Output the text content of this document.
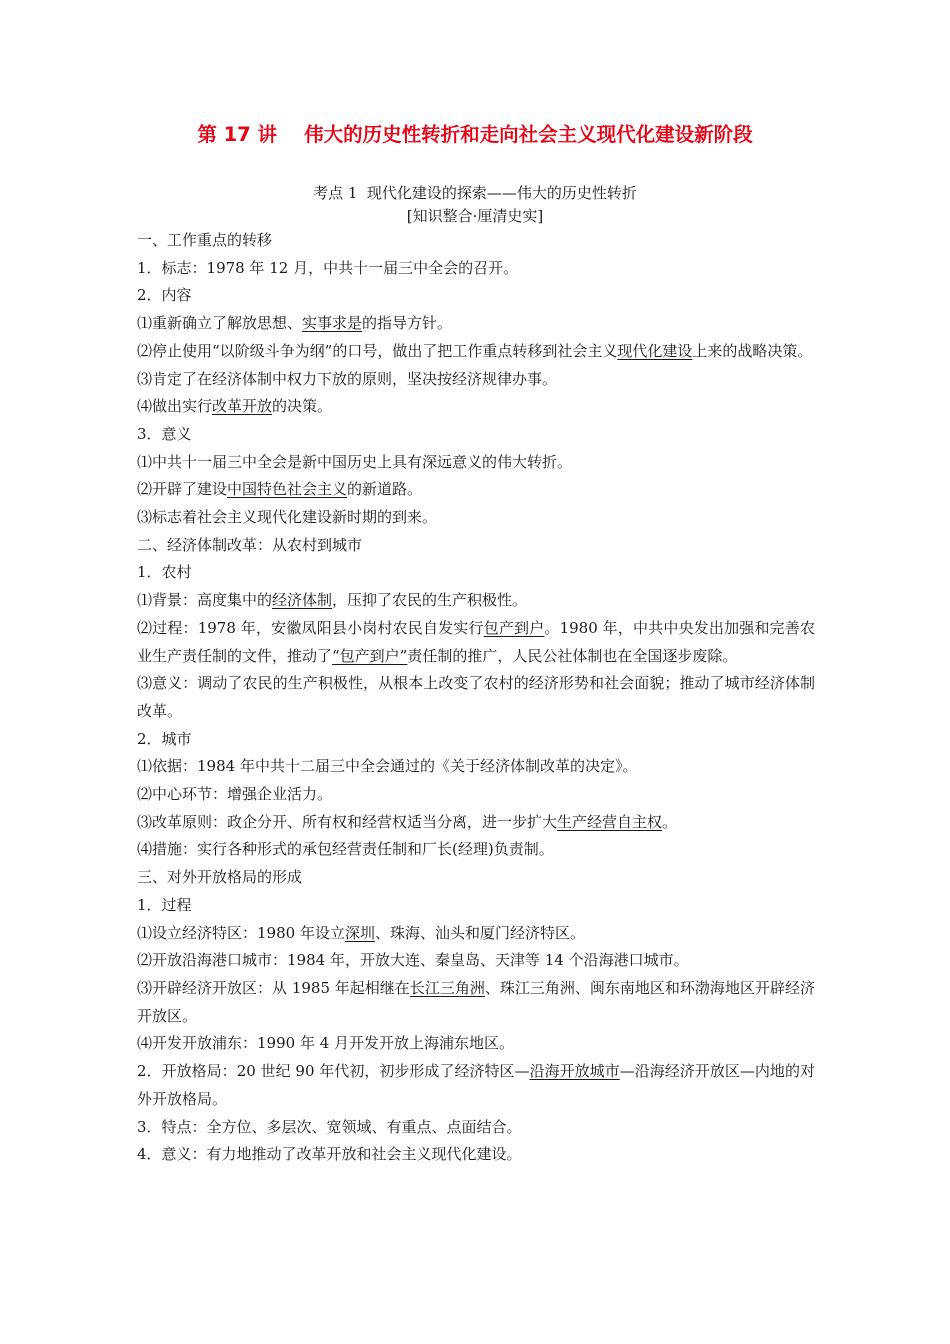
第 17 讲    伟大的历史性转折和走向社会主义现代化建设新阶段
考点 1  现代化建设的探索——伟大的历史性转折
[知识整合·厘清史实]
一、工作重点的转移
1．标志：1978 年 12 月，中共十一届三中全会的召开。
2．内容
⑴重新确立了解放思想、实事求是的指导方针。
⑵停止使用“以阶级斗争为纲”的口号，做出了把工作重点转移到社会主义现代化建设上来的战略决策。
⑶肯定了在经济体制中权力下放的原则，坚决按经济规律办事。
⑷做出实行改革开放的决策。
3．意义
⑴中共十一届三中全会是新中国历史上具有深远意义的伟大转折。
⑵开辟了建设中国特色社会主义的新道路。
⑶标志着社会主义现代化建设新时期的到来。
二、经济体制改革：从农村到城市
1．农村
⑴背景：高度集中的经济体制，压抑了农民的生产积极性。
⑵过程：1978 年，安徽凤阳县小岗村农民自发实行包产到户。1980 年，中共中央发出加强和完善农业生产责任制的文件，推动了“包产到户”责任制的推广，人民公社体制也在全国逐步废除。
⑶意义：调动了农民的生产积极性，从根本上改变了农村的经济形势和社会面貌；推动了城市经济体制改革。
2．城市
⑴依据：1984 年中共十二届三中全会通过的《关于经济体制改革的决定》。
⑵中心环节：增强企业活力。
⑶改革原则：政企分开、所有权和经营权适当分离，进一步扩大生产经营自主权。
⑷措施：实行各种形式的承包经营责任制和厂长(经理)负责制。
三、对外开放格局的形成
1．过程
⑴设立经济特区：1980 年设立深圳、珠海、汕头和厦门经济特区。
⑵开放沿海港口城市：1984 年，开放大连、秦皇岛、天津等 14 个沿海港口城市。
⑶开辟经济开放区：从 1985 年起相继在长江三角洲、珠江三角洲、闽东南地区和环渤海地区开辟经济开放区。
⑷开发开放浦东：1990 年 4 月开发开放上海浦东地区。
2．开放格局：20 世纪 90 年代初，初步形成了经济特区—沿海开放城市—沿海经济开放区—内地的对外开放格局。
3．特点：全方位、多层次、宽领域、有重点、点面结合。
4．意义：有力地推动了改革开放和社会主义现代化建设。
